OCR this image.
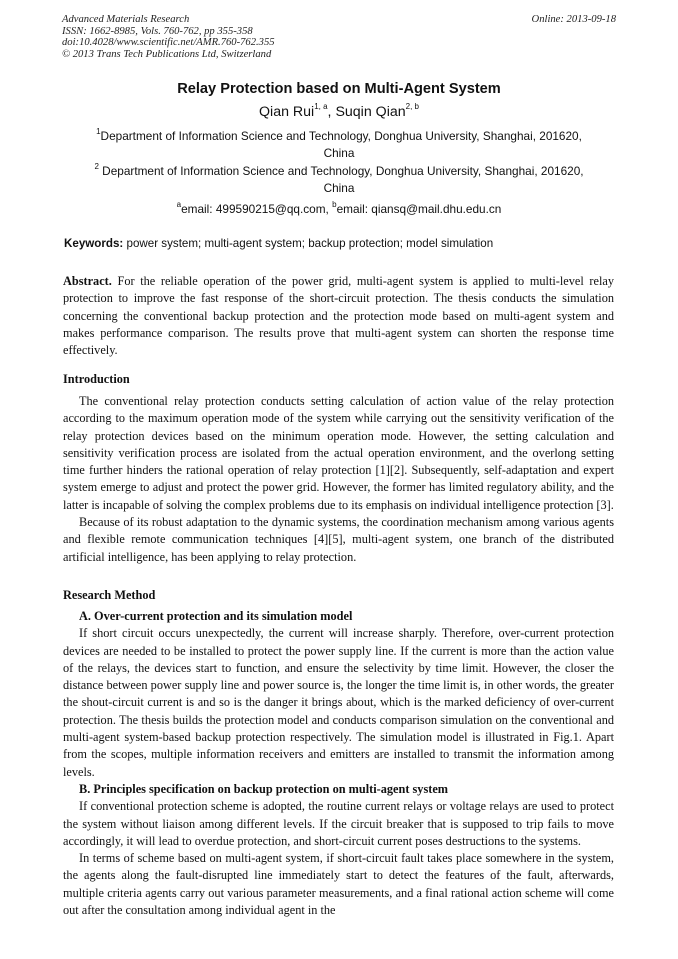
Advanced Materials Research
ISSN: 1662-8985, Vols. 760-762, pp 355-358
doi:10.4028/www.scientific.net/AMR.760-762.355
© 2013 Trans Tech Publications Ltd, Switzerland
Online: 2013-09-18
Relay Protection based on Multi-Agent System
Qian Rui$^{1, a}$, Suqin Qian$^{2, b}$
$^1$Department of Information Science and Technology, Donghua University, Shanghai, 201620,
China
$^2$ Department of Information Science and Technology, Donghua University, Shanghai, 201620,
China
$^a$email: 499590215@qq.com, $^b$email: qiansq@mail.dhu.edu.cn
Keywords: power system; multi-agent system; backup protection; model simulation

Abstract. For the reliable operation of the power grid, multi-agent system is applied to multi-level relay protection to improve the fast response of the short-circuit protection. The thesis conducts the simulation concerning the conventional backup protection and the protection mode based on multi-agent system and makes performance comparison. The results prove that multi-agent system can shorten the response time effectively.

Introduction

The conventional relay protection conducts setting calculation of action value of the relay protection according to the maximum operation mode of the system while carrying out the sensitivity verification of the relay protection devices based on the minimum operation mode. However, the setting calculation and sensitivity verification process are isolated from the actual operation environment, and the overlong setting time further hinders the rational operation of relay protection [1][2]. Subsequently, self-adaptation and expert system emerge to adjust and protect the power grid. However, the former has limited regulatory ability, and the latter is incapable of solving the complex problems due to its emphasis on individual intelligence protection [3].

Because of its robust adaptation to the dynamic systems, the coordination mechanism among various agents and flexible remote communication techniques [4][5], multi-agent system, one branch of the distributed artificial intelligence, has been applying to relay protection.

Research Method

A. Over-current protection and its simulation model

If short circuit occurs unexpectedly, the current will increase sharply. Therefore, over-current protection devices are needed to be installed to protect the power supply line. If the current is more than the action value of the relays, the devices start to function, and ensure the selectivity by time limit. However, the closer the distance between power supply line and power source is, the longer the time limit is, in other words, the greater the shout-circuit current is and so is the danger it brings about, which is the marked deficiency of over-current protection. The thesis builds the protection model and conducts comparison simulation on the conventional and multi-agent system-based backup protection respectively. The simulation model is illustrated in Fig.1. Apart from the scopes, multiple information receivers and emitters are installed to transmit the information among levels.

B. Principles specification on backup protection on multi-agent system

If conventional protection scheme is adopted, the routine current relays or voltage relays are used to protect the system without liaison among different levels. If the circuit breaker that is supposed to trip fails to move accordingly, it will lead to overdue protection, and short-circuit current poses destructions to the systems.

In terms of scheme based on multi-agent system, if short-circuit fault takes place somewhere in the system, the agents along the fault-disrupted line immediately start to detect the features of the fault, afterwards, multiple criteria agents carry out various parameter measurements, and a final rational action scheme will come out after the consultation among individual agent in the
